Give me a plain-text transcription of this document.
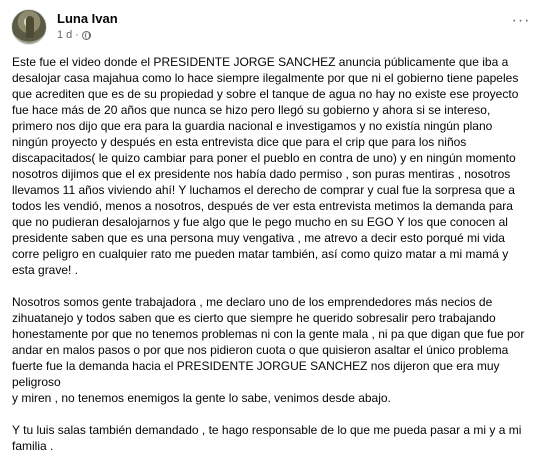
Luna Ivan
1 d ·
···

Este fue el video donde el PRESIDENTE JORGE SANCHEZ anuncia públicamente que iba a
desalojar casa majahua como lo hace siempre ilegalmente por que ni el gobierno tiene papeles
que acrediten que es de su propiedad y sobre el tanque de agua no hay no existe ese proyecto
fue hace más de 20 años que nunca se hizo pero llegó su gobierno y ahora si se intereso,
primero nos dijo que era para la guardia nacional e investigamos y no existía ningún plano
ningún proyecto y después en esta entrevista dice que para el crip que para los niños
discapacitados( le quizo cambiar para poner el pueblo en contra de uno) y en ningún momento
nosotros dijimos que el ex presidente nos había dado permiso , son puras mentiras , nosotros
llevamos 11 años viviendo ahí! Y luchamos el derecho de comprar y cual fue la sorpresa que a
todos les vendió, menos a nosotros, después de ver esta entrevista metimos la demanda para
que no pudieran desalojarnos y fue algo que le pego mucho en su EGO Y los que conocen al
presidente saben que es una persona muy vengativa , me atrevo a decir esto porqué mi vida
corre peligro en cualquier rato me pueden matar también, así como quizo matar a mi mamá y
esta grave! .

Nosotros somos gente trabajadora , me declaro uno de los emprendedores más necios de
zihuatanejo y todos saben que es cierto que siempre he querido sobresalir pero trabajando
honestamente por que no tenemos problemas ni con la gente mala , ni pa que digan que fue por
andar en malos pasos o por que nos pidieron cuota o que quisieron asaltar el único problema
fuerte fue la demanda hacia el PRESIDENTE JORGUE SANCHEZ nos dijeron que era muy peligroso
y miren , no tenemos enemigos la gente lo sabe, venimos desde abajo.

Y tu luis salas también demandado , te hago responsable de lo que me pueda pasar a mi y a mi
familia .
